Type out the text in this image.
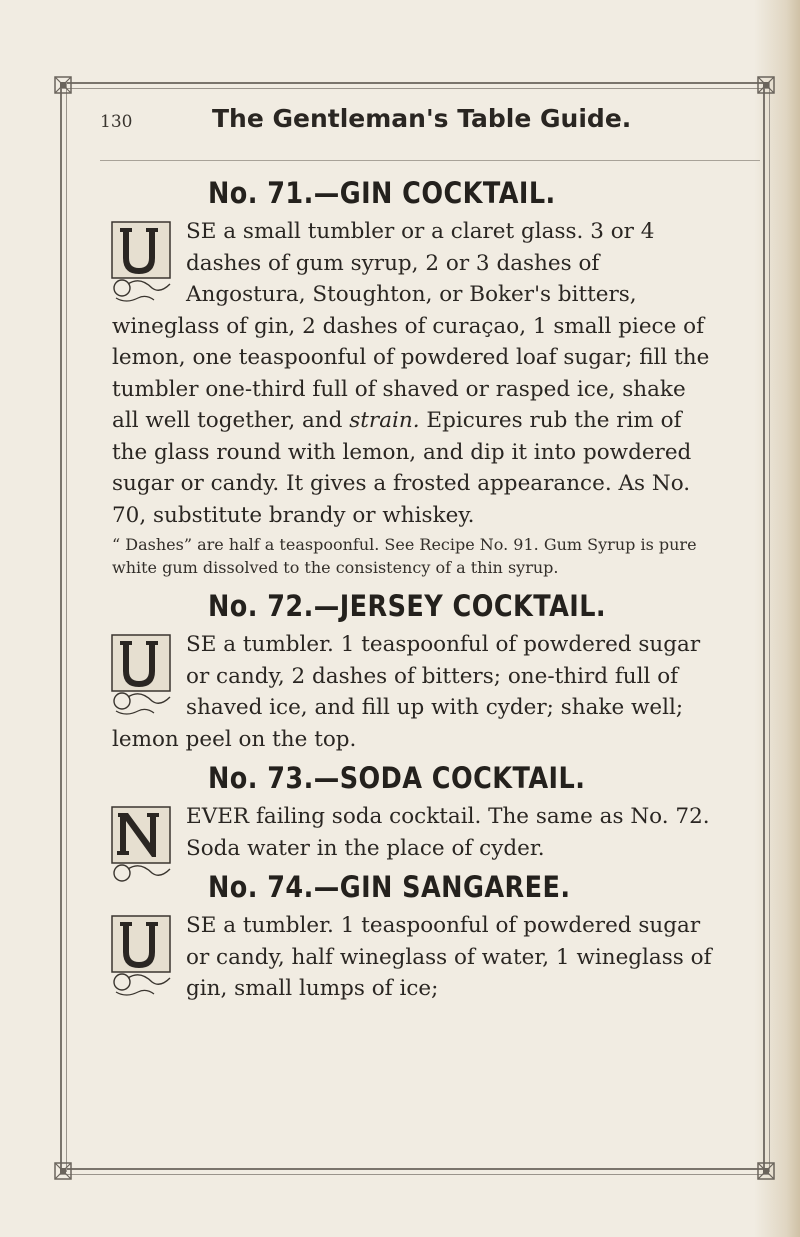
130	The Gentleman's Table Guide.
No. 71.—GIN COCKTAIL.

SE a small tumbler or a claret glass. 3 or 4 dashes of gum syrup, 2 or 3 dashes of Angostura, Stoughton, or Boker's bitters, wineglass of gin, 2 dashes of curaçao, 1 small piece of lemon, one teaspoonful of powdered loaf sugar; fill the tumbler one-third full of shaved or rasped ice, shake all well together, and strain. Epicures rub the rim of the glass round with lemon, and dip it into powdered sugar or candy. It gives a frosted appearance. As No. 70, substitute brandy or whiskey.

“ Dashes” are half a teaspoonful. See Recipe No. 91. Gum Syrup is pure white gum dissolved to the consistency of a thin syrup.

No. 72.—JERSEY COCKTAIL.

SE a tumbler. 1 teaspoonful of powdered sugar or candy, 2 dashes of bitters; one-third full of shaved ice, and fill up with cyder; shake well; lemon peel on the top.

No. 73.—SODA COCKTAIL.

EVER failing soda cocktail. The same as No. 72. Soda water in the place of cyder.

No. 74.—GIN SANGAREE.

SE a tumbler. 1 teaspoonful of powdered sugar or candy, half wineglass of water, 1 wineglass of gin, small lumps of ice;
